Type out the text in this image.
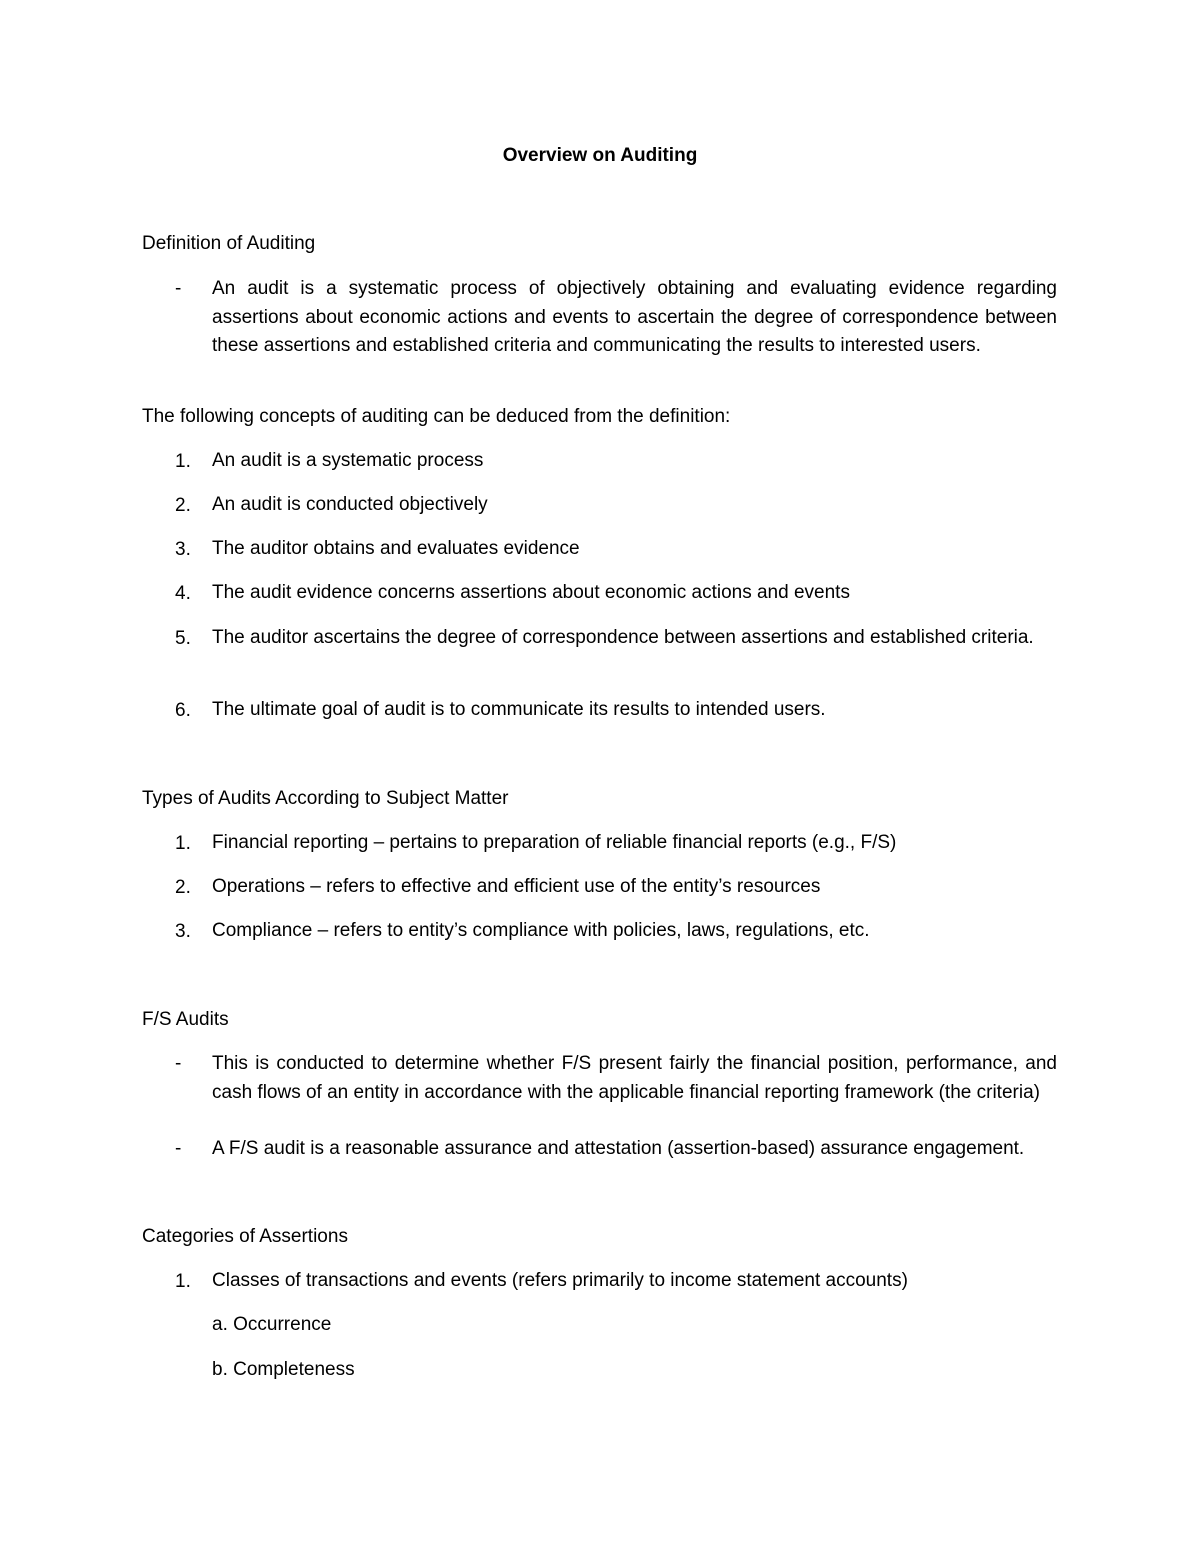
Overview on Auditing
Definition of Auditing
- An audit is a systematic process of objectively obtaining and evaluating evidence regarding assertions about economic actions and events to ascertain the degree of correspondence between these assertions and established criteria and communicating the results to interested users.
The following concepts of auditing can be deduced from the definition:
1. An audit is a systematic process
2. An audit is conducted objectively
3. The auditor obtains and evaluates evidence
4. The audit evidence concerns assertions about economic actions and events
5. The auditor ascertains the degree of correspondence between assertions and established criteria.
6. The ultimate goal of audit is to communicate its results to intended users.
Types of Audits According to Subject Matter
1. Financial reporting – pertains to preparation of reliable financial reports (e.g., F/S)
2. Operations – refers to effective and efficient use of the entity’s resources
3. Compliance – refers to entity’s compliance with policies, laws, regulations, etc.
F/S Audits
- This is conducted to determine whether F/S present fairly the financial position, performance, and cash flows of an entity in accordance with the applicable financial reporting framework (the criteria)
- A F/S audit is a reasonable assurance and attestation (assertion-based) assurance engagement.
Categories of Assertions
1. Classes of transactions and events (refers primarily to income statement accounts)
a. Occurrence
b. Completeness
